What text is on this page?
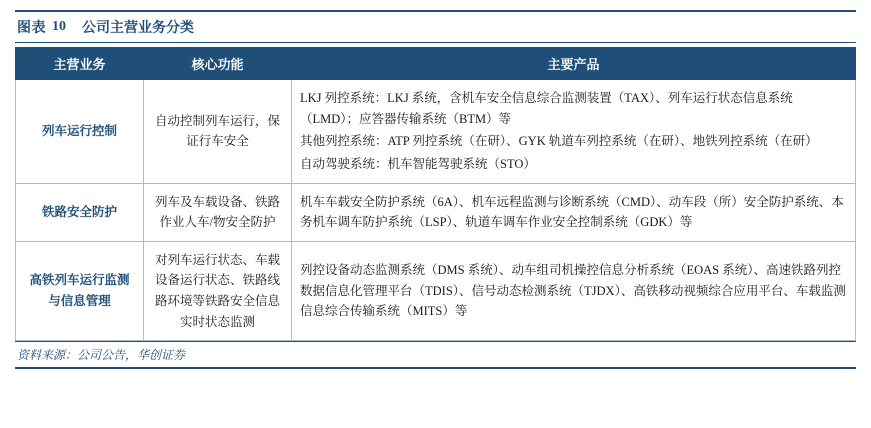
图表 10 公司主营业务分类
主营业务	核心功能	主要产品
列车运行控制	自动控制列车运行，保证行车安全	LKJ 列控系统：LKJ 系统，含机车安全信息综合监测装置（TAX）、列车运行状态信息系统（LMD）；应答器传输系统（BTM）等

其他列控系统：ATP 列控系统（在研）、GYK 轨道车列控系统（在研）、地铁列控系统（在研）

自动驾驶系统：机车智能驾驶系统（STO）

铁路安全防护	列车及车载设备、铁路作业人车/物安全防护	机车车载安全防护系统（6A）、机车远程监测与诊断系统（CMD）、动车段（所）安全防护系统、本务机车调车防护系统（LSP）、轨道车调车作业安全控制系统（GDK）等

高铁列车运行监测与信息管理	对列车运行状态、车载设备运行状态、铁路线路环境等铁路安全信息实时状态监测	列控设备动态监测系统（DMS 系统）、动车组司机操控信息分析系统（EOAS 系统）、高速铁路列控数据信息化管理平台（TDIS）、信号动态检测系统（TJDX）、高铁移动视频综合应用平台、车载监测信息综合传输系统（MITS）等

资料来源：公司公告，华创证券
